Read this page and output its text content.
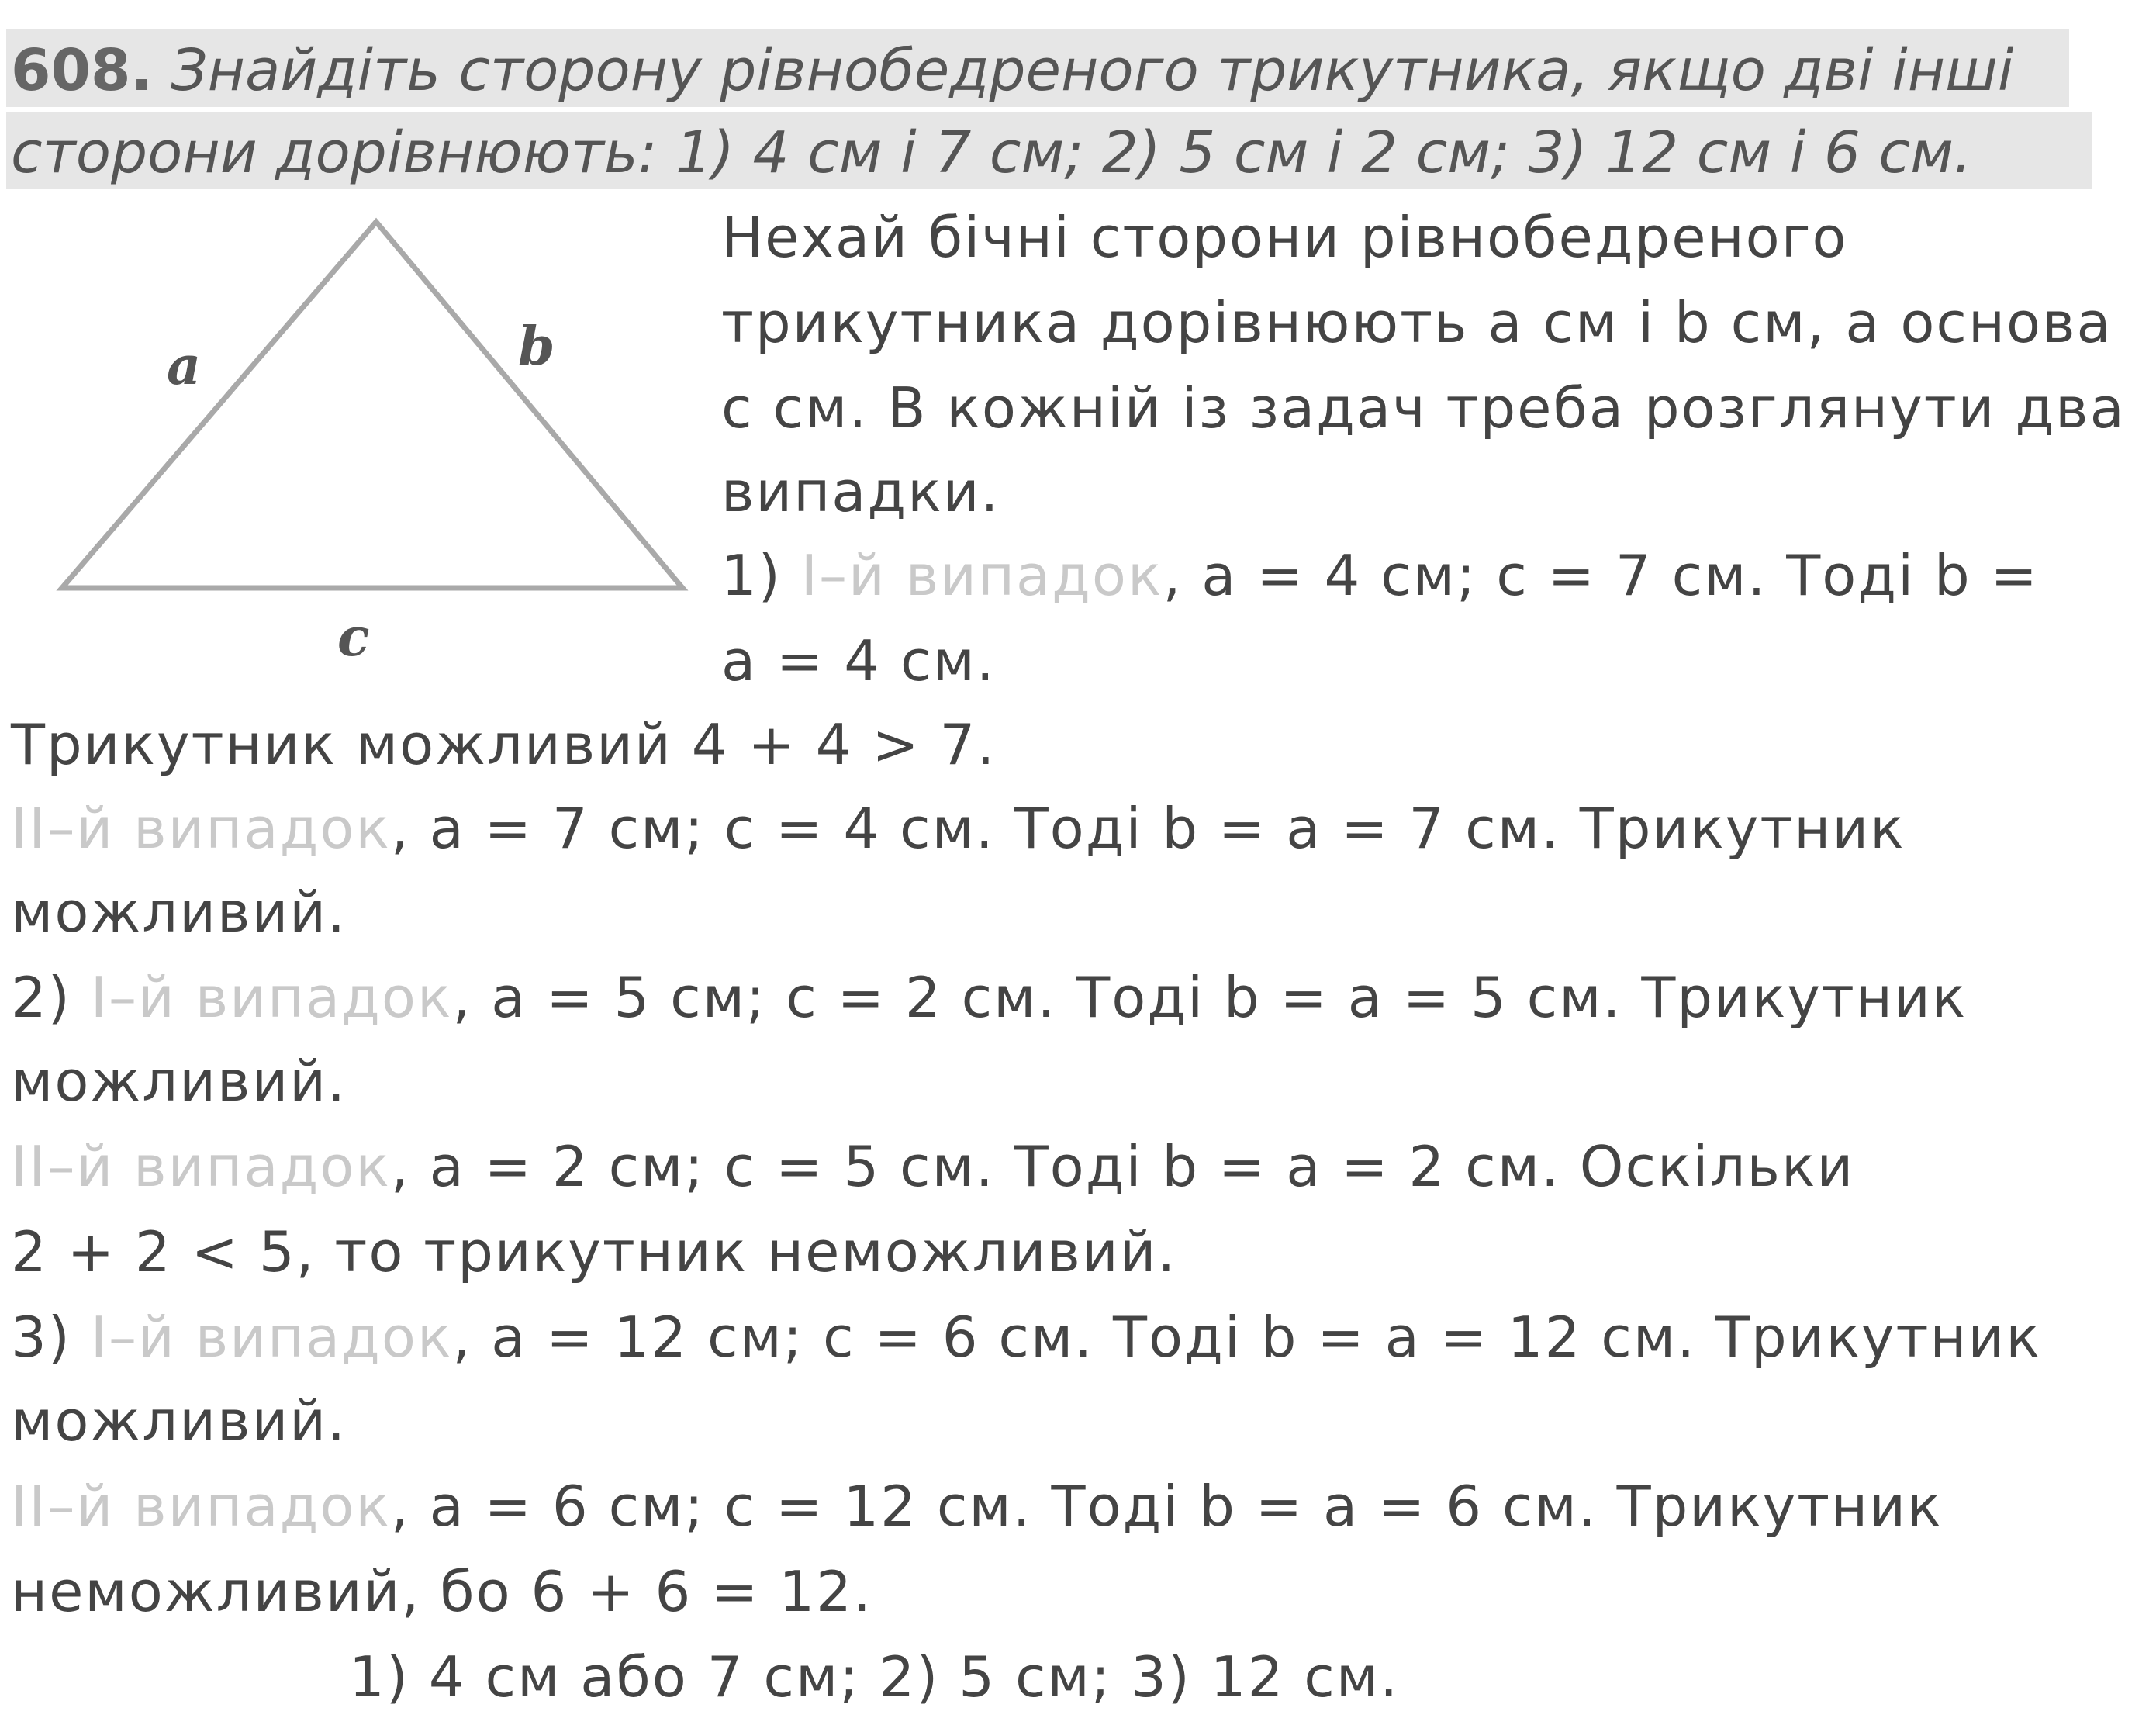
608. Знайдіть сторону рівнобедреного трикутника, якщо дві інші
сторони дорівнюють: 1) 4 см і 7 см; 2) 5 см і 2 см; 3) 12 см і 6 см.
a	b
c
Нехай бічні сторони рівнобедреного
трикутника дорівнюють a см і b см, а основа
c см. В кожній із задач треба розглянути два
випадки.
1) I–й випадок, a = 4 см; c = 7 см. Тоді b =
a = 4 см.
Трикутник можливий 4 + 4 > 7.
II–й випадок, a = 7 см; c = 4 см. Тоді b = a = 7 см. Трикутник
можливий.
2) I–й випадок, a = 5 см; c = 2 см. Тоді b = a = 5 см. Трикутник
можливий.
II–й випадок, a = 2 см; c = 5 см. Тоді b = a = 2 см. Оскільки
2 + 2 < 5, то трикутник неможливий.
3) I–й випадок, a = 12 см; c = 6 см. Тоді b = a = 12 см. Трикутник
можливий.
II–й випадок, a = 6 см; c = 12 см. Тоді b = a = 6 см. Трикутник
неможливий, бо 6 + 6 = 12.
1) 4 см або 7 см; 2) 5 см; 3) 12 см.
